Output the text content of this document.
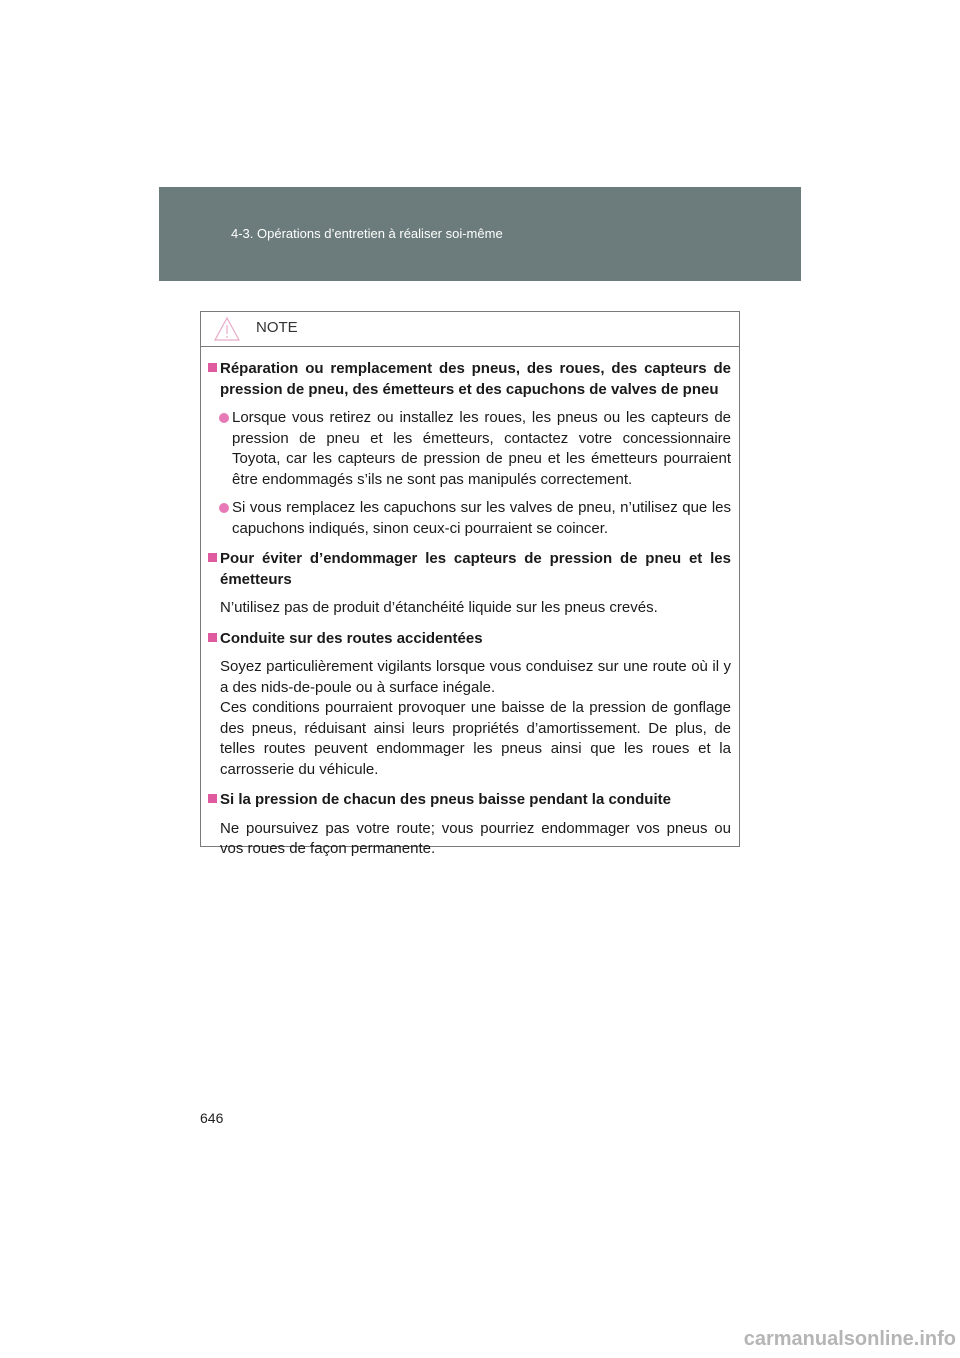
4-3. Opérations d’entretien à réaliser soi-même
NOTE
Réparation ou remplacement des pneus, des roues, des capteurs de pression de pneu, des émetteurs et des capuchons de valves de pneu
Lorsque vous retirez ou installez les roues, les pneus ou les capteurs de pression de pneu et les émetteurs, contactez votre concessionnaire Toyota, car les capteurs de pression de pneu et les émetteurs pourraient être endommagés s’ils ne sont pas manipulés correctement.
Si vous remplacez les capuchons sur les valves de pneu, n’utilisez que les capuchons indiqués, sinon ceux-ci pourraient se coincer.
Pour éviter d’endommager les capteurs de pression de pneu et les émetteurs
N’utilisez pas de produit d’étanchéité liquide sur les pneus crevés.
Conduite sur des routes accidentées
Soyez particulièrement vigilants lorsque vous conduisez sur une route où il y a des nids-de-poule ou à surface inégale.
Ces conditions pourraient provoquer une baisse de la pression de gonflage des pneus, réduisant ainsi leurs propriétés d’amortissement. De plus, de telles routes peuvent endommager les pneus ainsi que les roues et la carrosserie du véhicule.
Si la pression de chacun des pneus baisse pendant la conduite
Ne poursuivez pas votre route; vous pourriez endommager vos pneus ou vos roues de façon permanente.
646
carmanualsonline.info
